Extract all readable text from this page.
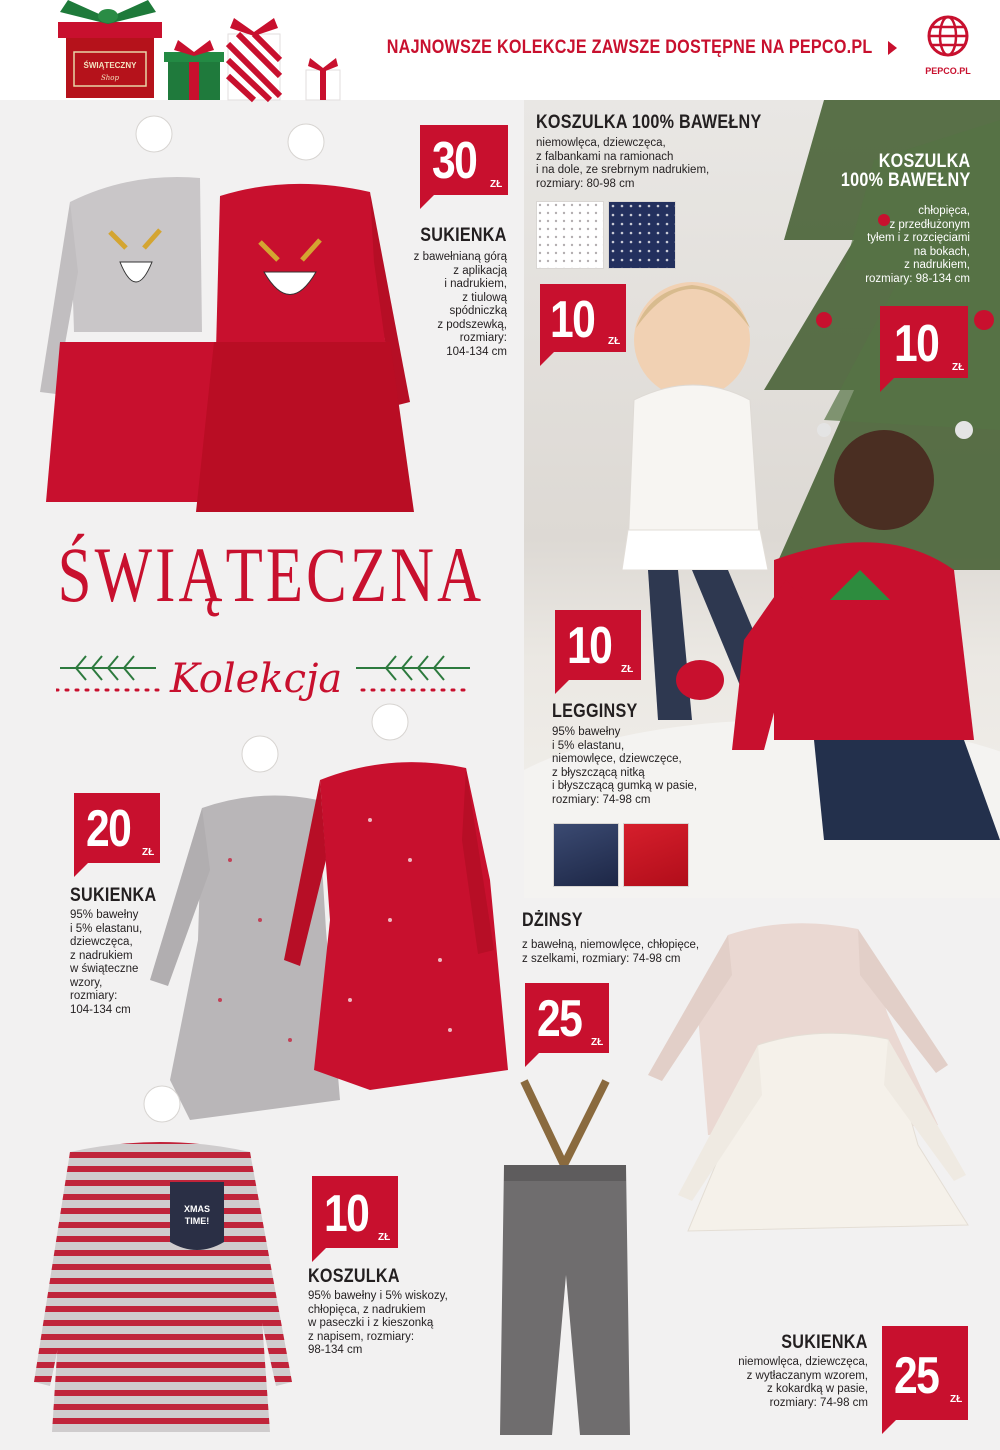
ŚWIĄTECZNY
Shop
NAJNOWSZE KOLEKCJE ZAWSZE DOSTĘPNE NA PEPCO.PL
PEPCO.PL
KOSZULKA 100% BAWEŁNY
niemowlęca, dziewczęca,
z falbankami na ramionach
i na dole, ze srebrnym nadrukiem,
rozmiary: 80-98 cm
10 ZŁ
KOSZULKA
100% BAWEŁNY
chłopięca,
z przedłużonym
tyłem i z rozcięciami
na bokach,
z nadrukiem,
rozmiary: 98-134 cm
10 ZŁ
10 ZŁ
LEGGINSY
95% bawełny
i 5% elastanu,
niemowlęce, dziewczęce,
z błyszczącą nitką
i błyszczącą gumką w pasie,
rozmiary: 74-98 cm
30 ZŁ
SUKIENKA
z bawełnianą górą
z aplikacją
i nadrukiem,
z tiulową
spódniczką
z podszewką,
rozmiary:
104-134 cm
ŚWIĄTECZNA
Kolekcja
20 ZŁ
SUKIENKA
95% bawełny
i 5% elastanu,
dziewczęca,
z nadrukiem
w świąteczne
wzory,
rozmiary:
104-134 cm
DŻINSY
z bawełną, niemowlęce, chłopięce,
z szelkami, rozmiary: 74-98 cm
25 ZŁ
SUKIENKA
niemowlęca, dziewczęca,
z wytłaczanym wzorem,
z kokardką w pasie,
rozmiary: 74-98 cm 25 ZŁ
XMAS
TIME! 10 ZŁ
KOSZULKA
95% bawełny i 5% wiskozy,
chłopięca, z nadrukiem
w paseczki i z kieszonką
z napisem, rozmiary:
98-134 cm
